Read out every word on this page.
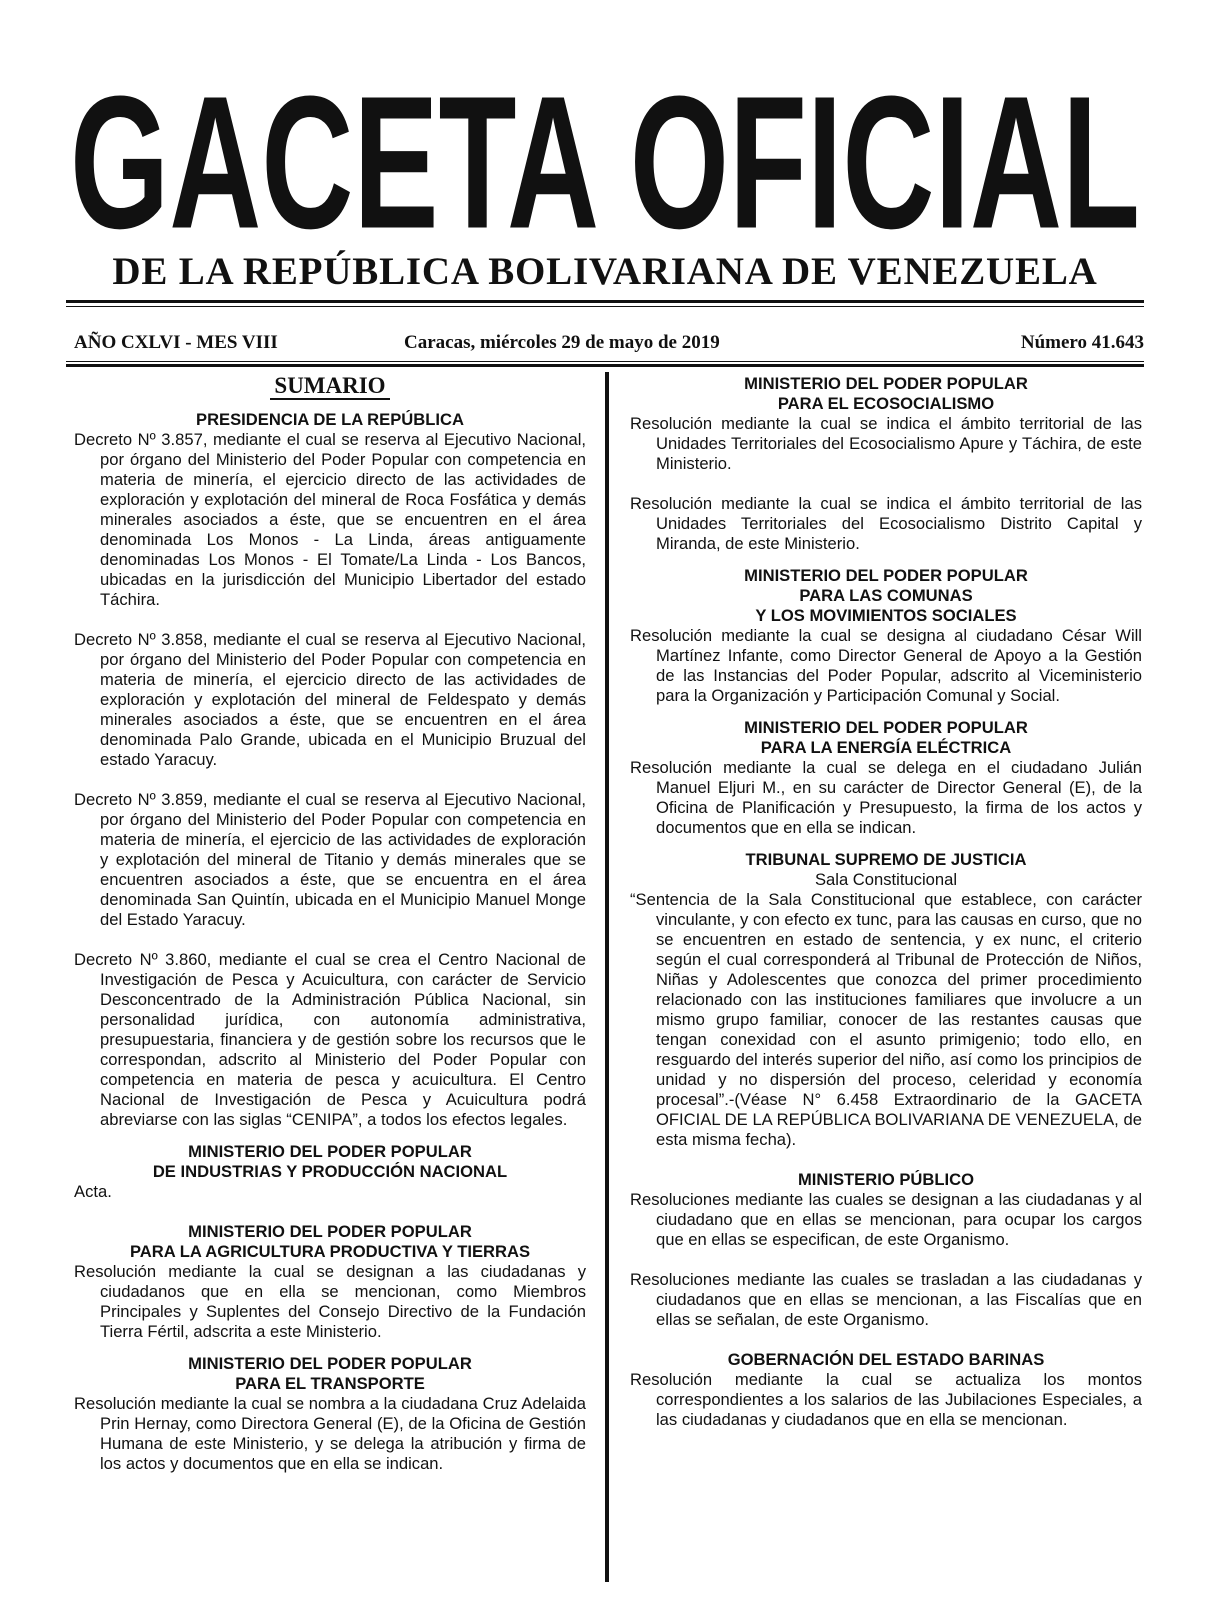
GACETA OFICIAL
DE LA REPÚBLICA BOLIVARIANA DE VENEZUELA
AÑO CXLVI - MES VIII	Caracas, miércoles 29 de mayo de 2019	Número 41.643
SUMARIO
PRESIDENCIA DE LA REPÚBLICA
Decreto Nº 3.857, mediante el cual se reserva al Ejecutivo Nacional, por órgano del Ministerio del Poder Popular con competencia en materia de minería, el ejercicio directo de las actividades de exploración y explotación del mineral de Roca Fosfática y demás minerales asociados a éste, que se encuentren en el área denominada Los Monos - La Linda, áreas antiguamente denominadas Los Monos - El Tomate/La Linda - Los Bancos, ubicadas en la jurisdicción del Municipio Libertador del estado Táchira.
Decreto Nº 3.858, mediante el cual se reserva al Ejecutivo Nacional, por órgano del Ministerio del Poder Popular con competencia en materia de minería, el ejercicio directo de las actividades de exploración y explotación del mineral de Feldespato y demás minerales asociados a éste, que se encuentren en el área denominada Palo Grande, ubicada en el Municipio Bruzual del estado Yaracuy.
Decreto Nº 3.859, mediante el cual se reserva al Ejecutivo Nacional, por órgano del Ministerio del Poder Popular con competencia en materia de minería, el ejercicio de las actividades de exploración y explotación del mineral de Titanio y demás minerales que se encuentren asociados a éste, que se encuentra en el área denominada San Quintín, ubicada en el Municipio Manuel Monge del Estado Yaracuy.
Decreto Nº 3.860, mediante el cual se crea el Centro Nacional de Investigación de Pesca y Acuicultura, con carácter de Servicio Desconcentrado de la Administración Pública Nacional, sin personalidad jurídica, con autonomía administrativa, presupuestaria, financiera y de gestión sobre los recursos que le correspondan, adscrito al Ministerio del Poder Popular con competencia en materia de pesca y acuicultura. El Centro Nacional de Investigación de Pesca y Acuicultura podrá abreviarse con las siglas “CENIPA”, a todos los efectos legales.
MINISTERIO DEL PODER POPULAR
DE INDUSTRIAS Y PRODUCCIÓN NACIONAL
Acta.
MINISTERIO DEL PODER POPULAR
PARA LA AGRICULTURA PRODUCTIVA Y TIERRAS
Resolución mediante la cual se designan a las ciudadanas y ciudadanos que en ella se mencionan, como Miembros Principales y Suplentes del Consejo Directivo de la Fundación Tierra Fértil, adscrita a este Ministerio.
MINISTERIO DEL PODER POPULAR
PARA EL TRANSPORTE
Resolución mediante la cual se nombra a la ciudadana Cruz Adelaida Prin Hernay, como Directora General (E), de la Oficina de Gestión Humana de este Ministerio, y se delega la atribución y firma de los actos y documentos que en ella se indican.
MINISTERIO DEL PODER POPULAR
PARA EL ECOSOCIALISMO
Resolución mediante la cual se indica el ámbito territorial de las Unidades Territoriales del Ecosocialismo Apure y Táchira, de este Ministerio.
Resolución mediante la cual se indica el ámbito territorial de las Unidades Territoriales del Ecosocialismo Distrito Capital y Miranda, de este Ministerio.
MINISTERIO DEL PODER POPULAR
PARA LAS COMUNAS
Y LOS MOVIMIENTOS SOCIALES
Resolución mediante la cual se designa al ciudadano César Will Martínez Infante, como Director General de Apoyo a la Gestión de las Instancias del Poder Popular, adscrito al Viceministerio para la Organización y Participación Comunal y Social.
MINISTERIO DEL PODER POPULAR
PARA LA ENERGÍA ELÉCTRICA
Resolución mediante la cual se delega en el ciudadano Julián Manuel Eljuri M., en su carácter de Director General (E), de la Oficina de Planificación y Presupuesto, la firma de los actos y documentos que en ella se indican.
TRIBUNAL SUPREMO DE JUSTICIA
Sala Constitucional
“Sentencia de la Sala Constitucional que establece, con carácter vinculante, y con efecto ex tunc, para las causas en curso, que no se encuentren en estado de sentencia, y ex nunc, el criterio según el cual corresponderá al Tribunal de Protección de Niños, Niñas y Adolescentes que conozca del primer procedimiento relacionado con las instituciones familiares que involucre a un mismo grupo familiar, conocer de las restantes causas que tengan conexidad con el asunto primigenio; todo ello, en resguardo del interés superior del niño, así como los principios de unidad y no dispersión del proceso, celeridad y economía procesal”.-(Véase N° 6.458 Extraordinario de la GACETA OFICIAL DE LA REPÚBLICA BOLIVARIANA DE VENEZUELA, de esta misma fecha).
MINISTERIO PÚBLICO
Resoluciones mediante las cuales se designan a las ciudadanas y al ciudadano que en ellas se mencionan, para ocupar los cargos que en ellas se especifican, de este Organismo.
Resoluciones mediante las cuales se trasladan a las ciudadanas y ciudadanos que en ellas se mencionan, a las Fiscalías que en ellas se señalan, de este Organismo.
GOBERNACIÓN DEL ESTADO BARINAS
Resolución mediante la cual se actualiza los montos correspondientes a los salarios de las Jubilaciones Especiales, a las ciudadanas y ciudadanos que en ella se mencionan.
